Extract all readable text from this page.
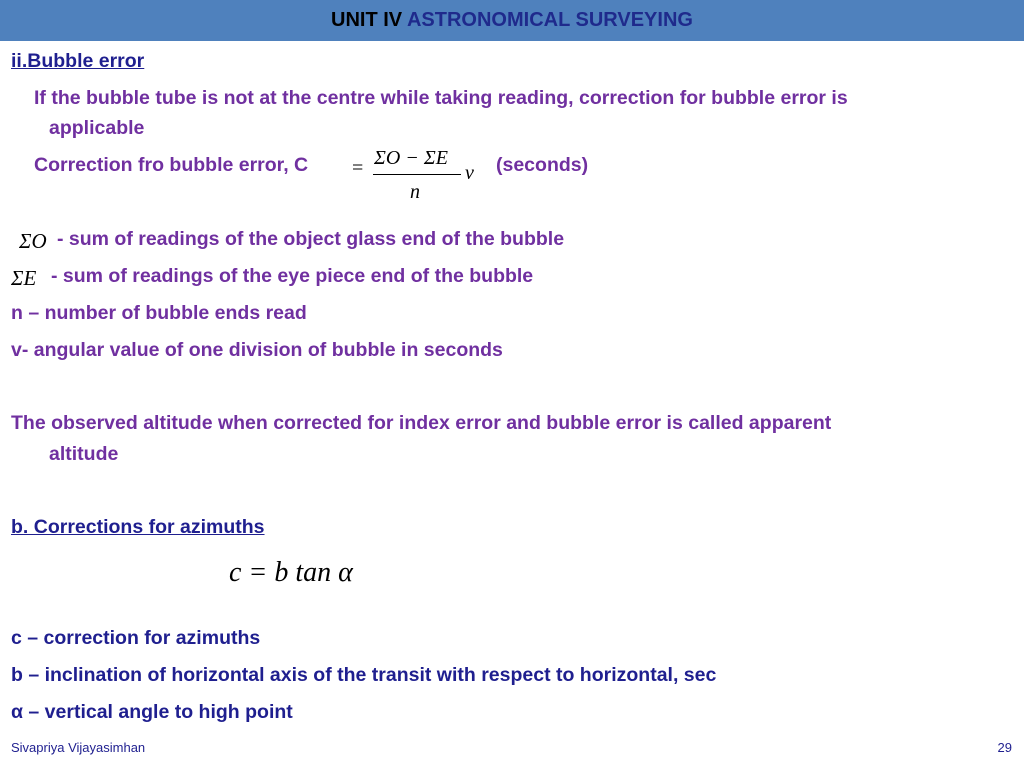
UNIT IV ASTRONOMICAL SURVEYING
ii.Bubble error
If the bubble tube is not at the centre while taking reading, correction for bubble error is
applicable
Correction fro bubble error, C = ΣO − ΣE
n
v (seconds)
ΣO - sum of readings of the object glass end of the bubble
ΣE - sum of readings of the eye piece end of the bubble
n – number of bubble ends read
v- angular value of one division of bubble in seconds
The observed altitude when corrected for index error and bubble error is called apparent
altitude
b. Corrections for azimuths
c = b tan α
c – correction for azimuths
b – inclination of horizontal axis of the transit with respect to horizontal, sec
α – vertical angle to high point
Sivapriya Vijayasimhan	29
